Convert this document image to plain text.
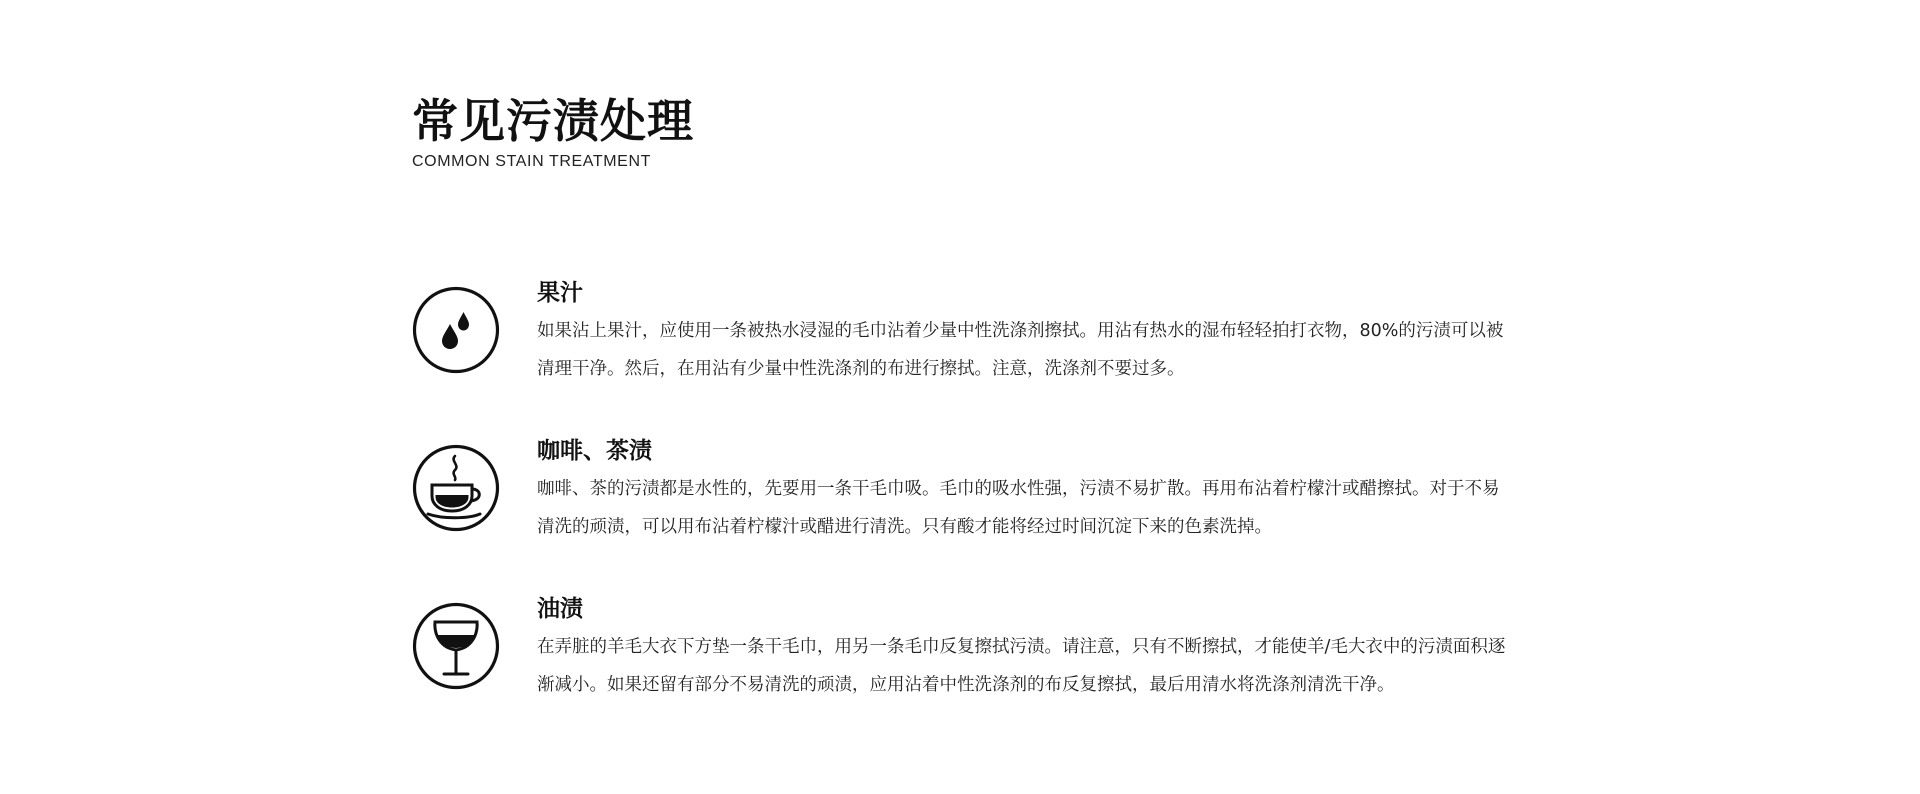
常见污渍处理
COMMON STAIN TREATMENT
果汁

如果沾上果汁，应使用一条被热水浸湿的毛巾沾着少量中性洗涤剂擦拭。用沾有热水的湿布轻轻拍打衣物，80%的污渍可以被清理干净。然后，在用沾有少量中性洗涤剂的布进行擦拭。注意，洗涤剂不要过多。

咖啡、茶渍

咖啡、茶的污渍都是水性的，先要用一条干毛巾吸。毛巾的吸水性强，污渍不易扩散。再用布沾着柠檬汁或醋擦拭。对于不易清洗的顽渍，可以用布沾着柠檬汁或醋进行清洗。只有酸才能将经过时间沉淀下来的色素洗掉。

油渍

在弄脏的羊毛大衣下方垫一条干毛巾，用另一条毛巾反复擦拭污渍。请注意，只有不断擦拭，才能使羊/毛大衣中的污渍面积逐渐减小。如果还留有部分不易清洗的顽渍，应用沾着中性洗涤剂的布反复擦拭，最后用清水将洗涤剂清洗干净。
